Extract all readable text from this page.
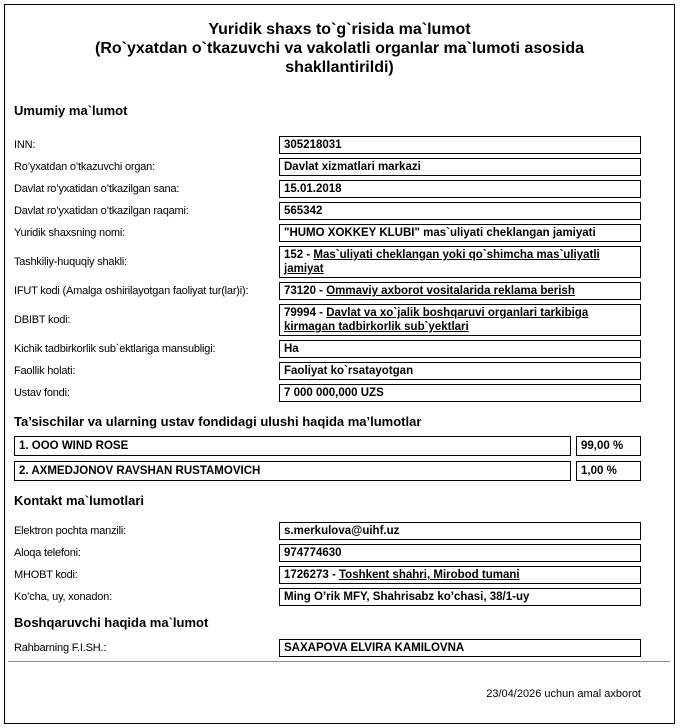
Yuridik shaxs to`g`risida ma`lumot
(Ro`yxatdan o`tkazuvchi va vakolatli organlar ma`lumoti asosida shakllantirildi)
Umumiy ma`lumot
INN:	305218031
Ro’yxatdan o’tkazuvchi organ:	Davlat xizmatlari markazi
Davlat ro’yxatidan o’tkazilgan sana:	15.01.2018
Davlat ro’yxatidan o’tkazilgan raqami:	565342
Yuridik shaxsning nomi:	"HUMO XOKKEY KLUBI" mas`uliyati cheklangan jamiyati
Tashkiliy-huquqiy shakli:
152 - Mas`uliyati cheklangan yoki qo`shimcha mas`uliyatli jamiyat
IFUT kodi (Amalga oshirilayotgan faoliyat tur(lar)i):	73120 - Ommaviy axborot vositalarida reklama berish
DBIBT kodi:
79994 - Davlat va xo`jalik boshqaruvi organlari tarkibiga kirmagan tadbirkorlik sub`yektlari
Kichik tadbirkorlik sub`ektlariga mansubligi:	Ha
Faollik holati:	Faoliyat ko`rsatayotgan
Ustav fondi:	7 000 000,000 UZS
Ta’sischilar va ularning ustav fondidagi ulushi haqida ma’lumotlar
1. OOO WIND ROSE	99,00 %
2. AXMEDJONOV RAVSHAN RUSTAMOVICH	1,00 %
Kontakt ma`lumotlari
Elektron pochta manzili:	s.merkulova@uihf.uz
Aloqa telefoni:	974774630
MHOBT kodi:	1726273 - Toshkent shahri, Mirobod tumani
Ko’cha, uy, xonadon:	Ming O’rik MFY, Shahrisabz ko’chasi, 38/1-uy
Boshqaruvchi haqida ma`lumot
Rahbarning F.I.SH.:	SAXAPOVA ELVIRA KAMILOVNA
23/04/2026 uchun amal axborot
